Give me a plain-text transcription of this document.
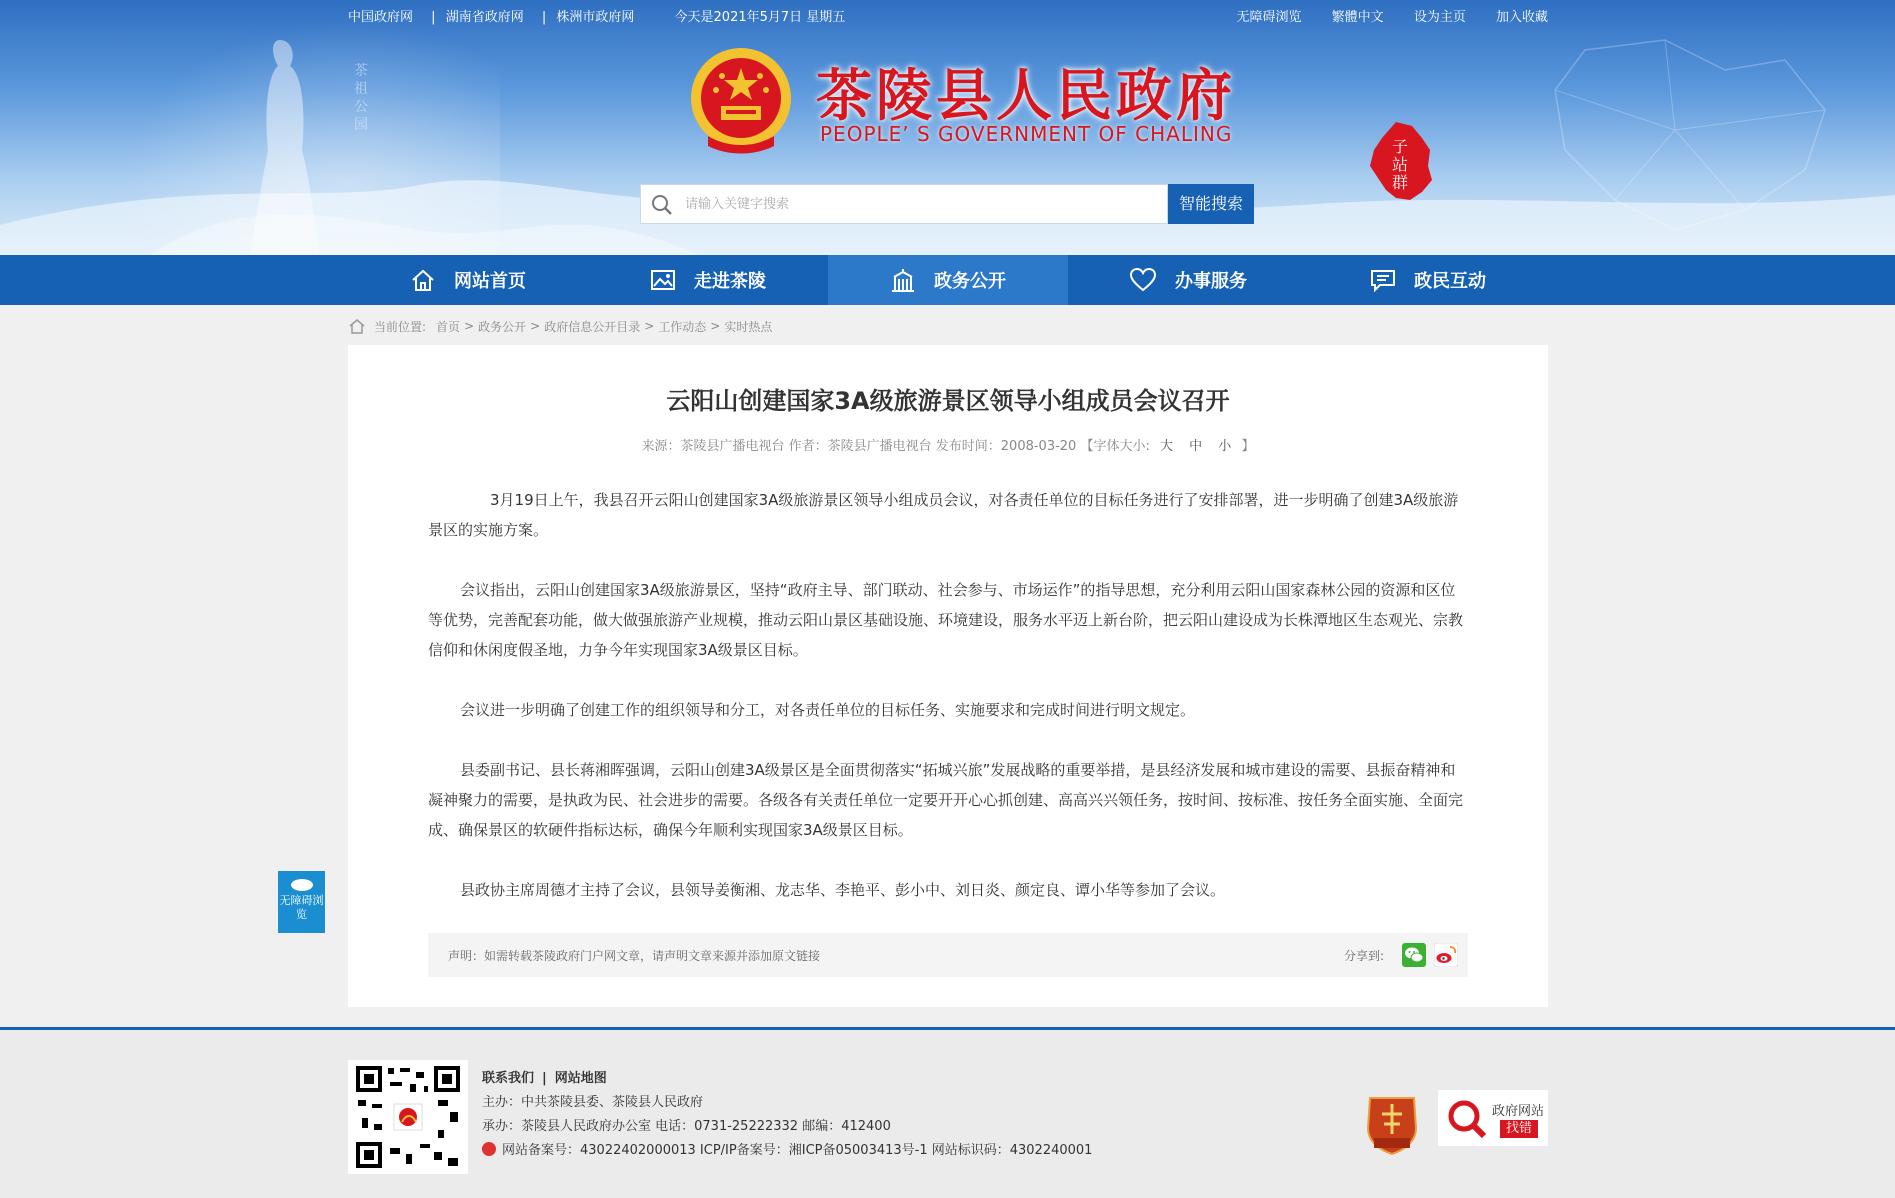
茶祖公园
中国政府网 | 湖南省政府网 | 株洲市政府网	今天是2021年5月7日 星期五	无障碍浏览 繁體中文 设为主页 加入收藏
茶陵县人民政府
PEOPLE’ S GOVERNMENT OF CHALING
请输入关键字搜索
智能搜索
子站群
网站首页	走进茶陵	政务公开	办事服务	政民互动
当前位置: 首页 > 政务公开 > 政府信息公开目录 > 工作动态 > 实时热点
云阳山创建国家3A级旅游景区领导小组成员会议召开
来源：茶陵县广播电视台 作者：茶陵县广播电视台 发布时间：2008-03-20 【字体大小: 大 中 小 】

3月19日上午，我县召开云阳山创建国家3A级旅游景区领导小组成员会议，对各责任单位的目标任务进行了安排部署，进一步明确了创建3A级旅游景区的实施方案。

会议指出，云阳山创建国家3A级旅游景区，坚持“政府主导、部门联动、社会参与、市场运作”的指导思想，充分利用云阳山国家森林公园的资源和区位等优势，完善配套功能，做大做强旅游产业规模，推动云阳山景区基础设施、环境建设，服务水平迈上新台阶，把云阳山建设成为长株潭地区生态观光、宗教信仰和休闲度假圣地，力争今年实现国家3A级景区目标。

会议进一步明确了创建工作的组织领导和分工，对各责任单位的目标任务、实施要求和完成时间进行明文规定。

县委副书记、县长蒋湘晖强调，云阳山创建3A级景区是全面贯彻落实“拓城兴旅”发展战略的重要举措，是县经济发展和城市建设的需要、县振奋精神和凝神聚力的需要，是执政为民、社会进步的需要。各级各有关责任单位一定要开开心心抓创建、高高兴兴领任务，按时间、按标准、按任务全面实施、全面完成、确保景区的软硬件指标达标，确保今年顺利实现国家3A级景区目标。

县政协主席周德才主持了会议，县领导姜衡湘、龙志华、李艳平、彭小中、刘日炎、颜定良、谭小华等参加了会议。

声明：如需转载茶陵政府门户网文章，请声明文章来源并添加原文链接	分享到:
无障碍浏览
联系我们 | 网站地图
主办：中共茶陵县委、茶陵县人民政府
承办：茶陵县人民政府办公室 电话：0731-25222332 邮编：412400
网站备案号：43022402000013 ICP/IP备案号：湘ICP备05003413号-1 网站标识码：4302240001
政府网站
找错
